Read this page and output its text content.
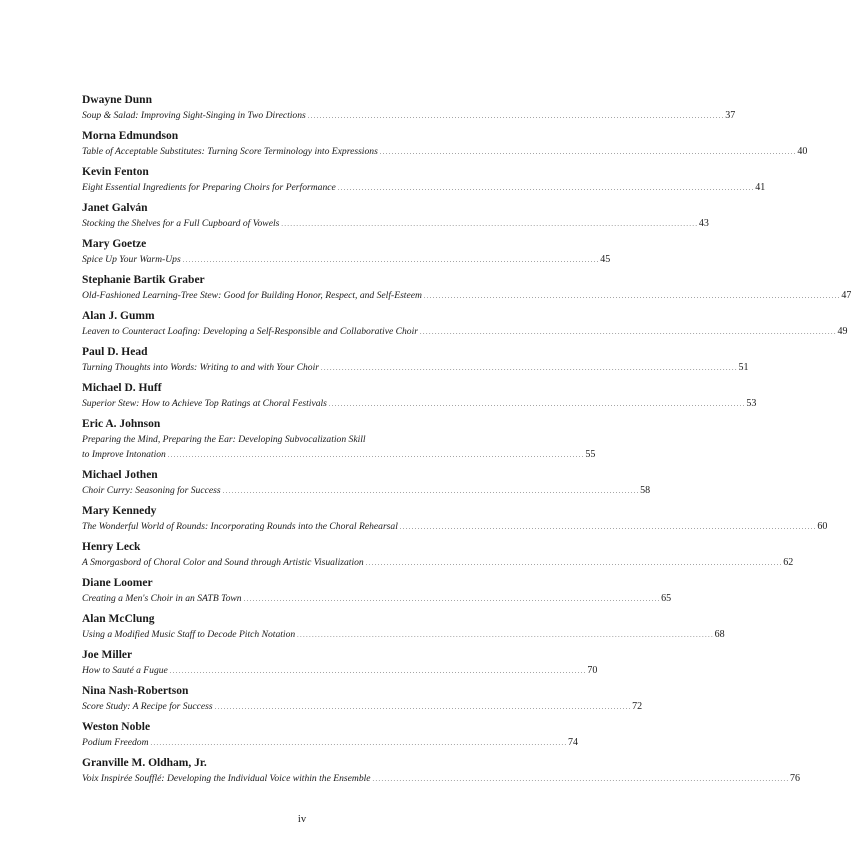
Dwayne Dunn
Soup & Salad: Improving Sight-Singing in Two Directions . . .	37
Morna Edmundson
Table of Acceptable Substitutes: Turning Score Terminology into Expressions . . .	40
Kevin Fenton
Eight Essential Ingredients for Preparing Choirs for Performance . . .	41
Janet Galván
Stocking the Shelves for a Full Cupboard of Vowels . . .	43
Mary Goetze
Spice Up Your Warm-Ups . . .	45
Stephanie Bartik Graber
Old-Fashioned Learning-Tree Stew: Good for Building Honor, Respect, and Self-Esteem . . .	47
Alan J. Gumm
Leaven to Counteract Loafing: Developing a Self-Responsible and Collaborative Choir . . .	49
Paul D. Head
Turning Thoughts into Words: Writing to and with Your Choir . . .	51
Michael D. Huff
Superior Stew: How to Achieve Top Ratings at Choral Festivals . . .	53
Eric A. Johnson
Preparing the Mind, Preparing the Ear: Developing Subvocalization Skill
to Improve Intonation . . .	55
Michael Jothen
Choir Curry: Seasoning for Success . . .	58
Mary Kennedy
The Wonderful World of Rounds: Incorporating Rounds into the Choral Rehearsal . . .	60
Henry Leck
A Smorgasbord of Choral Color and Sound through Artistic Visualization . . .	62
Diane Loomer
Creating a Men's Choir in an SATB Town . . .	65
Alan McClung
Using a Modified Music Staff to Decode Pitch Notation . . .	68
Joe Miller
How to Sauté a Fugue . . .	70
Nina Nash-Robertson
Score Study: A Recipe for Success . . .	72
Weston Noble
Podium Freedom . . .	74
Granville M. Oldham, Jr.
Voix Inspirée Soufflé: Developing the Individual Voice within the Ensemble . . .	76
iv
